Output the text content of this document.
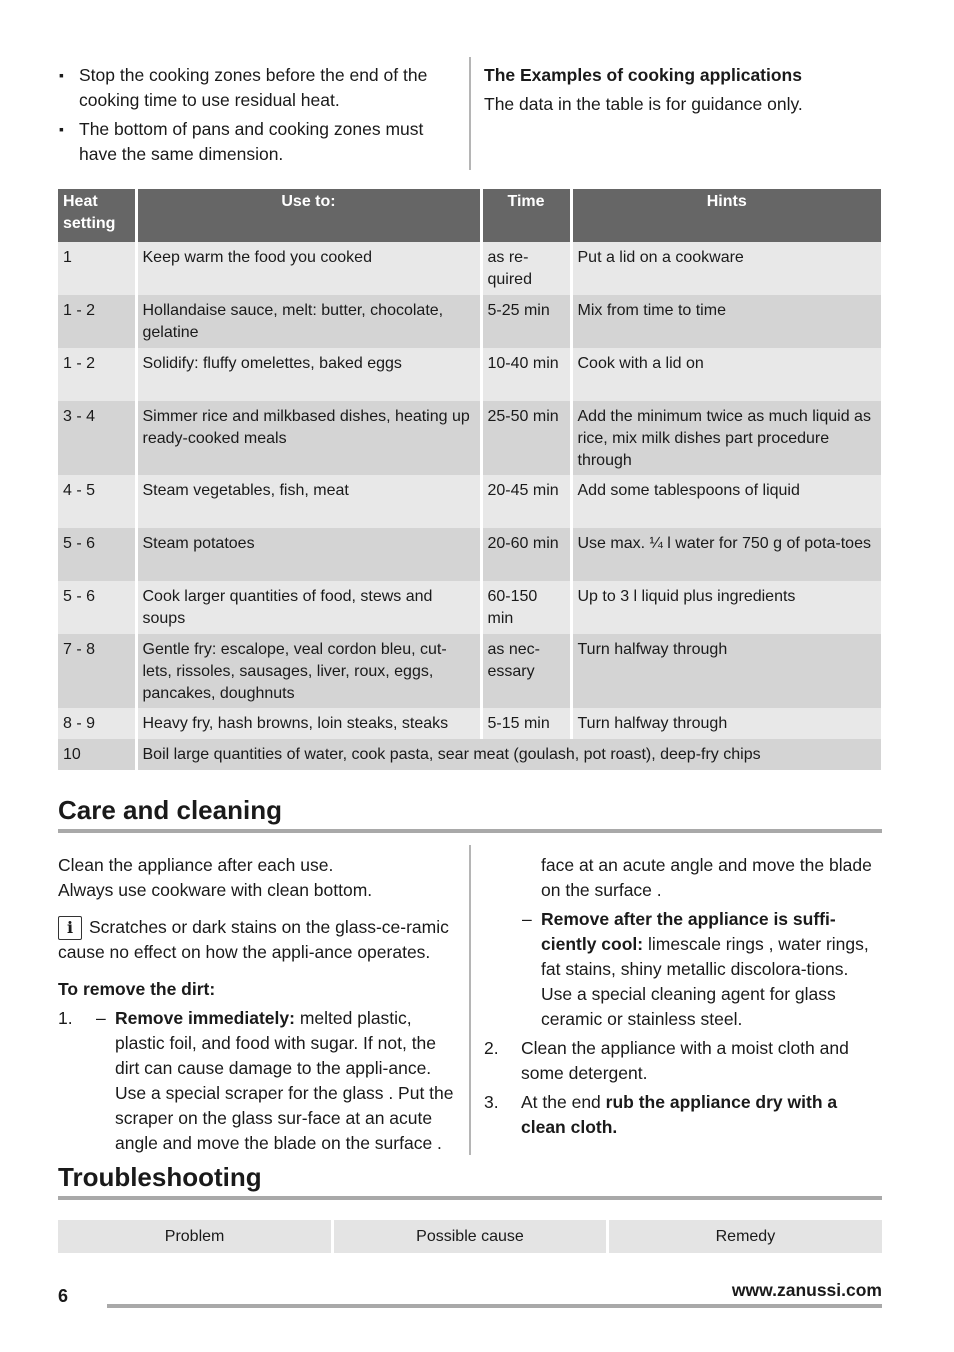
▪ Stop the cooking zones before the end of the cooking time to use residual heat.
▪ The bottom of pans and cooking zones must have the same dimension.
The Examples of cooking applications
The data in the table is for guidance only.
Heat setting	Use to:	Time	Hints
1	Keep warm the food you cooked	as re-quired	Put a lid on a cookware
1 - 2	Hollandaise sauce, melt: butter, chocolate, gelatine	5-25 min	Mix from time to time
1 - 2	Solidify: fluffy omelettes, baked eggs	10-40 min	Cook with a lid on
3 - 4	Simmer rice and milkbased dishes, heating up ready-cooked meals	25-50 min	Add the minimum twice as much liquid as rice, mix milk dishes part procedure through
4 - 5	Steam vegetables, fish, meat	20-45 min	Add some tablespoons of liquid
5 - 6	Steam potatoes	20-60 min	Use max. ¼ l water for 750 g of pota-toes
5 - 6	Cook larger quantities of food, stews and soups	60-150 min	Up to 3 l liquid plus ingredients
7 - 8	Gentle fry: escalope, veal cordon bleu, cut-lets, rissoles, sausages, liver, roux, eggs, pancakes, doughnuts	as nec-essary	Turn halfway through
8 - 9	Heavy fry, hash browns, loin steaks, steaks	5-15 min	Turn halfway through
10	Boil large quantities of water, cook pasta, sear meat (goulash, pot roast), deep-fry chips		
Care and cleaning
Clean the appliance after each use.
Always use cookware with clean bottom.
i Scratches or dark stains on the glass-ce-ramic cause no effect on how the appli-ance operates.
To remove the dirt:
1. – Remove immediately: melted plastic, plastic foil, and food with sugar. If not, the dirt can cause damage to the appli-ance. Use a special scraper for the glass . Put the scraper on the glass sur-face at an acute angle and move the blade on the surface .
face at an acute angle and move the blade on the surface .
– Remove after the appliance is suffi-ciently cool: limescale rings , water rings, fat stains, shiny metallic discolora-tions. Use a special cleaning agent for glass ceramic or stainless steel.
2. Clean the appliance with a moist cloth and some detergent.
3. At the end rub the appliance dry with a clean cloth.
Troubleshooting
Problem	Possible cause	Remedy
6	www.zanussi.com
